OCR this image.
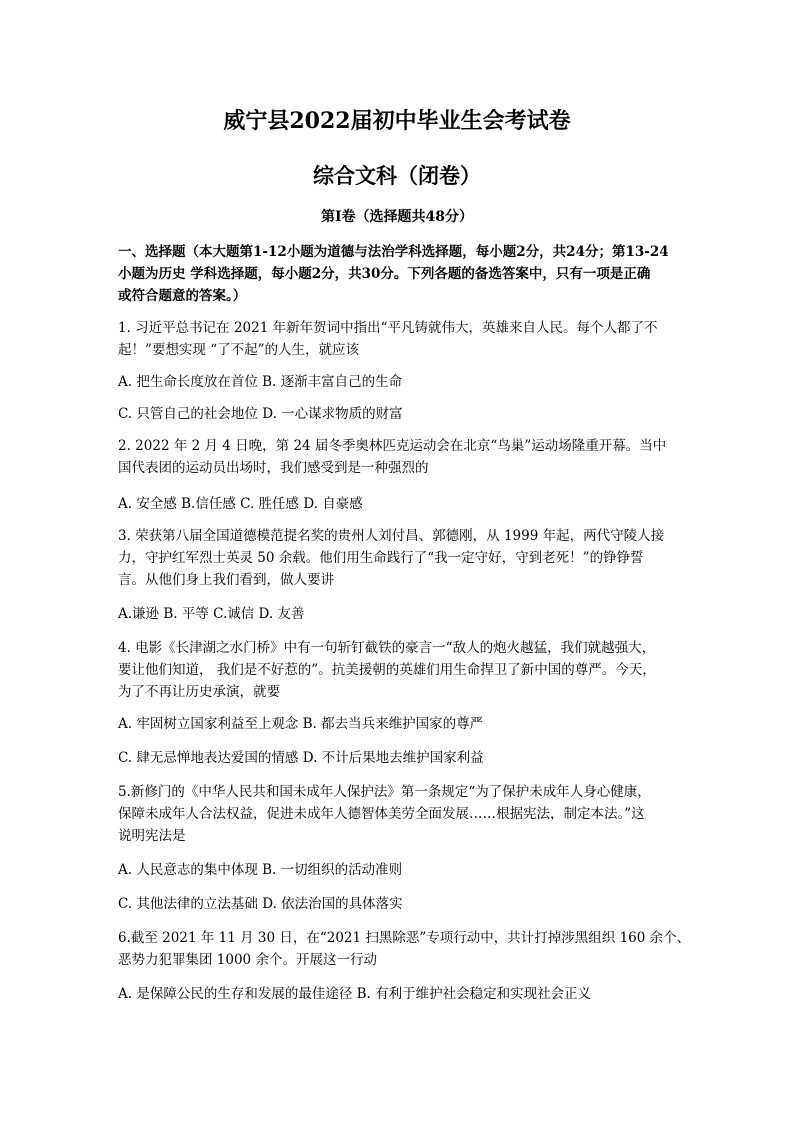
威宁县2022届初中毕业生会考试卷
综合文科（闭卷）
第Ⅰ卷（选择题共48分）
一、选择题（本大题第1-12小题为道德与法治学科选择题，每小题2分，共24分；第13-24
小题为历史 学科选择题，每小题2分，共30分。下列各题的备选答案中，只有一项是正确
或符合题意的答案。）
1. 习近平总书记在 2021 年新年贺词中指出“平凡铸就伟大，英雄来自人民。每个人都了不
起！”要想实现 “了不起”的人生，就应该
A. 把生命长度放在首位 B. 逐渐丰富自己的生命
C. 只管自己的社会地位 D. 一心谋求物质的财富
2. 2022 年 2 月 4 日晚，第 24 届冬季奥林匹克运动会在北京“鸟巢”运动场隆重开幕。当中
国代表团的运动员出场时，我们感受到是一种强烈的
A. 安全感 B.信任感 C. 胜任感 D. 自豪感
3. 荣获第八届全国道德模范提名奖的贵州人刘付昌、郭德刚，从 1999 年起，两代守陵人接
力，守护红军烈士英灵 50 余载。他们用生命践行了“我一定守好，守到老死！”的铮铮誓
言。从他们身上我们看到，做人要讲
A.谦逊 B. 平等 C.诚信 D. 友善
4. 电影《长津湖之水门桥》中有一句斩钉截铁的豪言一“敌人的炮火越猛，我们就越强大，
要让他们知道， 我们是不好惹的”。抗美援朝的英雄们用生命捍卫了新中国的尊严。今天，
为了不再让历史承演，就要
A. 牢固树立国家利益至上观念 B. 都去当兵来维护国家的尊严
C. 肆无忌惮地表达爱国的情感 D. 不计后果地去维护国家利益
5.新修门的《中华人民共和国未成年人保护法》第一条规定“为了保护未成年人身心健康，
保障未成年人合法权益，促进未成年人德智体美劳全面发展……根据宪法，制定本法。”这
说明宪法是
A. 人民意志的集中体现 B. 一切组织的活动准则
C. 其他法律的立法基础 D. 依法治国的具体落实
6.截至 2021 年 11 月 30 日，在“2021 扫黑除恶”专项行动中，共计打掉涉黑组织 160 余个、
恶势力犯罪集团 1000 余个。开展这一行动
A. 是保障公民的生存和发展的最佳途径 B. 有利于维护社会稳定和实现社会正义
